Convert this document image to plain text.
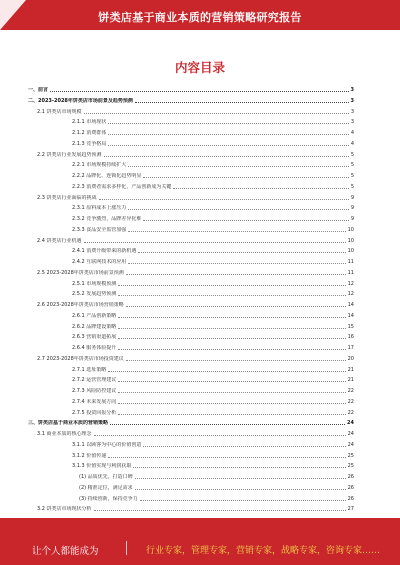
饼类店基于商业本质的营销策略研究报告
内容目录
一、前言	3
二、2023-2028年饼类店市场前景及趋势预测	3
2.1 饼类店市场规模	3
2.1.1 市场现状	3
2.1.2 消费群体	4
2.1.3 竞争格局	4
2.2 饼类店行业发展趋势预测	5
2.2.1 市场规模持续扩大	5
2.2.2 品牌化、连锁化趋势明显	5
2.2.3 消费者需求多样化，产品创新成为关键	5
2.3 饼类店行业面临的挑战	9
2.3.1 原料成本上涨压力	9
2.3.2 竞争激烈，品牌差异化难	9
2.3.3 食品安全监管加强	10
2.4 饼类店行业机遇	10
2.4.1 消费升级带来的新机遇	10
2.4.2 互联网技术的应用	11
2.5 2023-2028年饼类店市场前景预测	11
2.5.1 市场规模预测	12
2.5.2 发展趋势预测	12
2.6 2023-2028年饼类店市场营销策略	14
2.6.1 产品创新策略	14
2.6.2 品牌建设策略	15
2.6.3 营销渠道拓展	16
2.6.4 服务体验提升	17
2.7 2023-2028年饼类店市场投资建议	20
2.7.1 选址策略	21
2.7.2 运营管理建议	21
2.7.3 风险防控建议	22
2.7.4 未来发展方向	22
2.7.5 投资回报分析	22
三、饼类店基于商业本质的营销策略	24
3.1 商业本质的核心理念	24
3.1.1 以顾客为中心的价值创造	24
3.1.2 价值传递	25
3.1.3 价值实现与利润获取	25
(1) 品质优先，打造口碑	26
(2) 精准定位，满足需求	26
(3) 持续创新，保持竞争力	26
3.2 饼类店市场现状分析	27
让个人都能成为	行业专家，管理专家，营销专家，战略专家，咨询专家……
